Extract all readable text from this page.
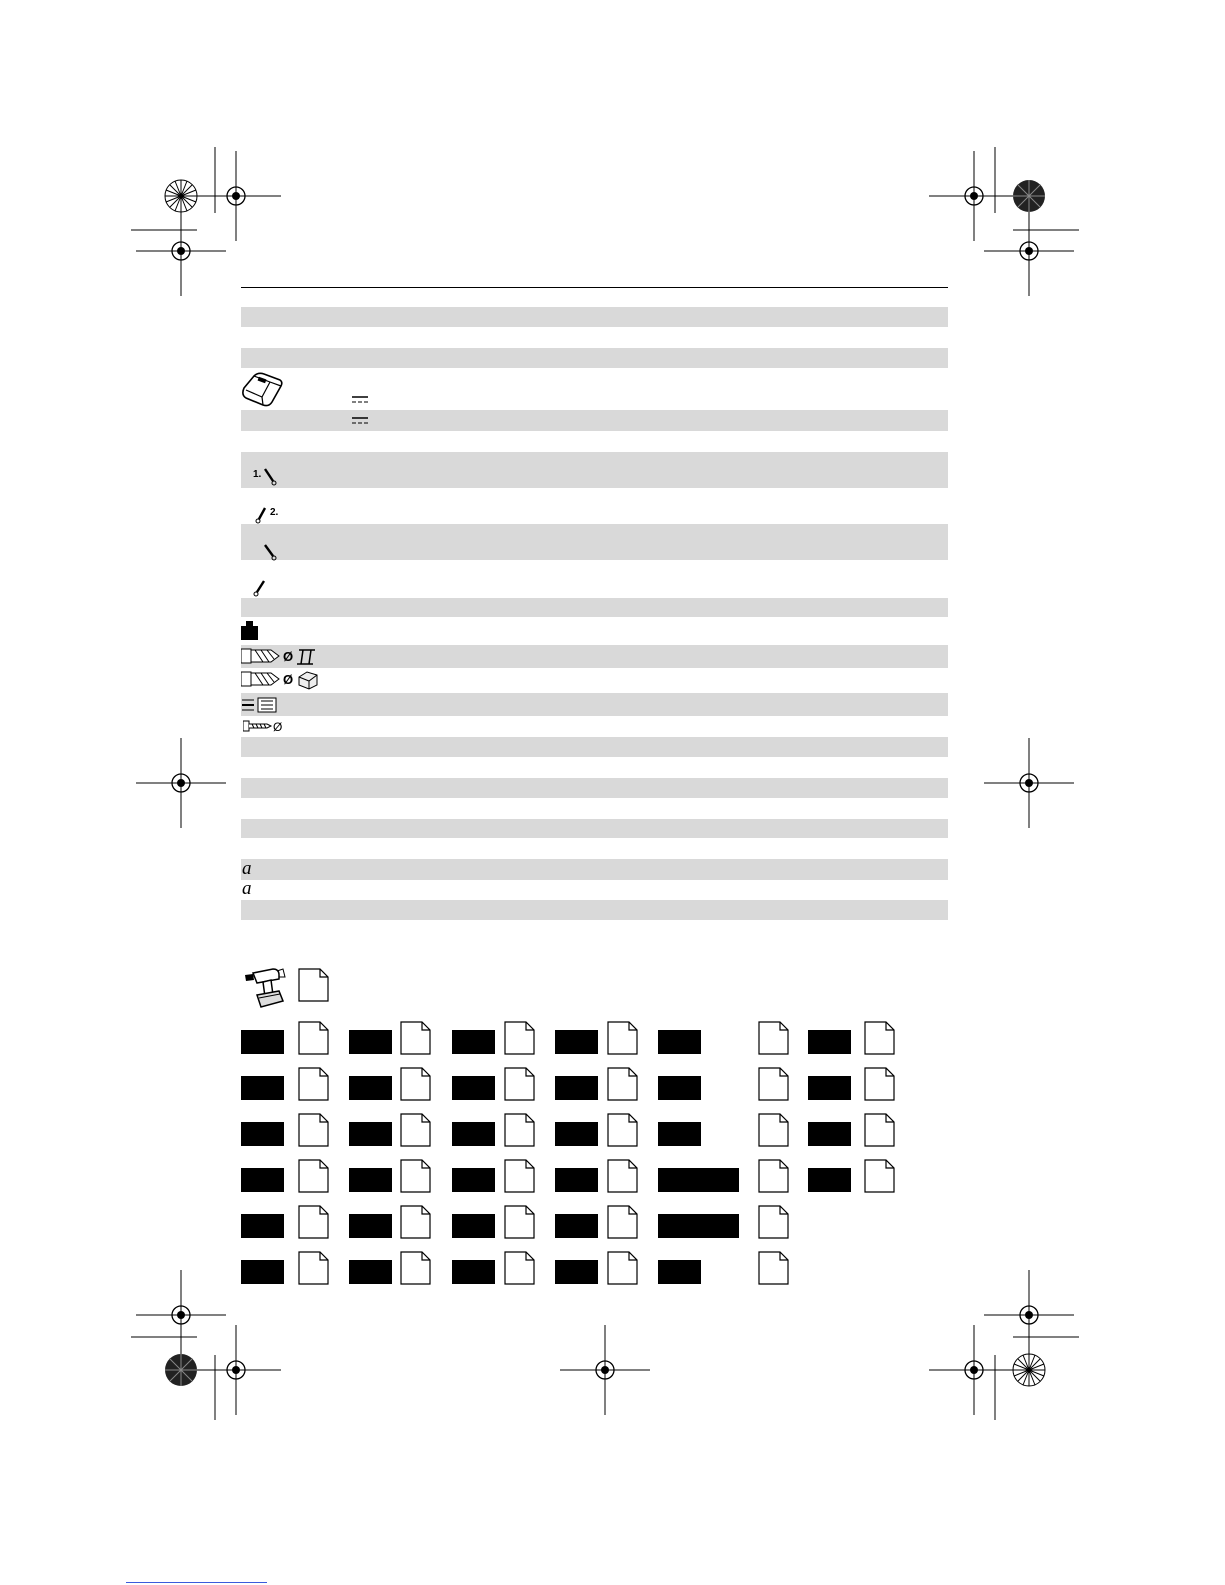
1.
2.
Ø
Ø
Ø
a
a
